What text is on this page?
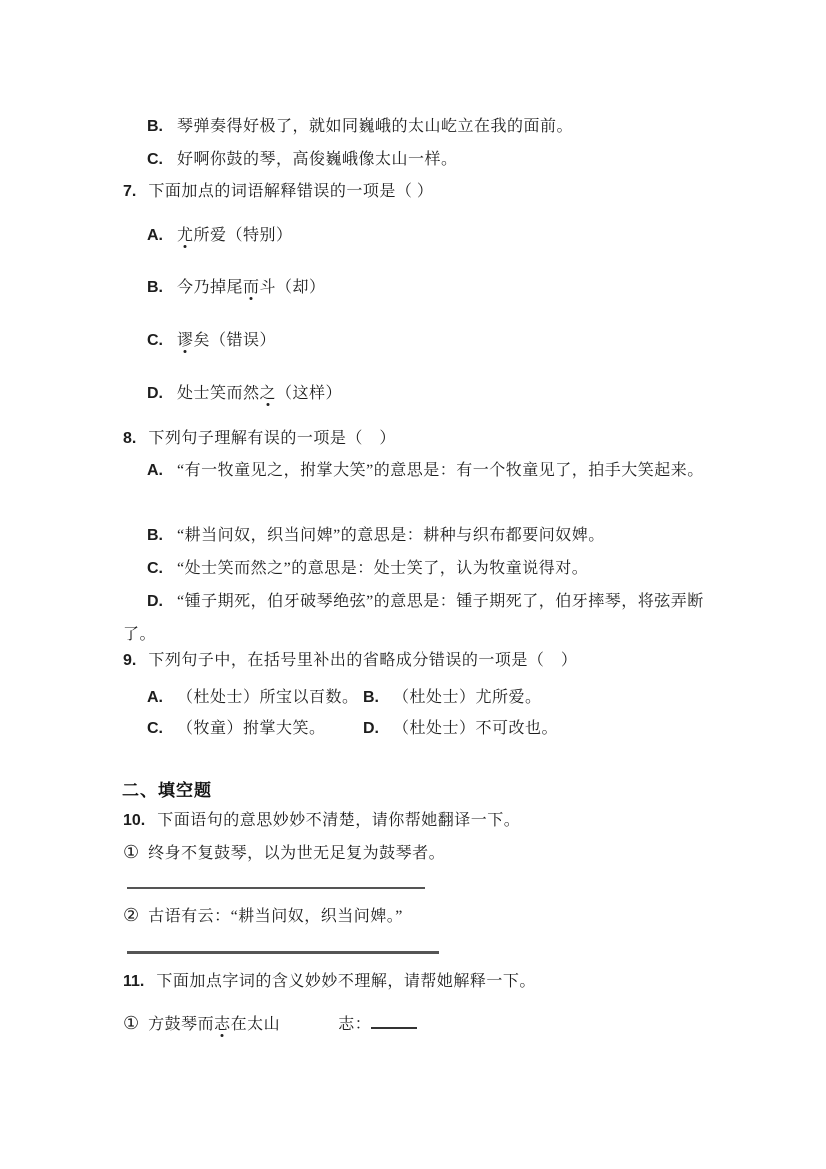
B. 琴弹奏得好极了，就如同巍峨的太山屹立在我的面前。
C. 好啊你鼓的琴，高俊巍峨像太山一样。
7. 下面加点的词语解释错误的一项是（ ）
A. 尤所爱（特别）
B. 今乃掉尾而斗（却）
C. 谬矣（错误）
D. 处士笑而然之（这样）
8. 下列句子理解有误的一项是（　）
A. “有一牧童见之，拊掌大笑”的意思是：有一个牧童见了，拍手大笑起来。
B. “耕当问奴，织当问婢”的意思是：耕种与织布都要问奴婢。
C. “处士笑而然之”的意思是：处士笑了，认为牧童说得对。
D. “锺子期死，伯牙破琴绝弦”的意思是：锺子期死了，伯牙摔琴，将弦弄断了。
9. 下列句子中，在括号里补出的省略成分错误的一项是（　）
A. （杜处士）所宝以百数。 B. （杜处士）尤所爱。
C. （牧童）拊掌大笑。 D. （杜处士）不可改也。
二、填空题
10. 下面语句的意思妙妙不清楚，请你帮她翻译一下。
① 终身不复鼓琴，以为世无足复为鼓琴者。
② 古语有云：“耕当问奴，织当问婢。”
11. 下面加点字词的含义妙妙不理解，请帮她解释一下。
① 方鼓琴而志在太山	志：
